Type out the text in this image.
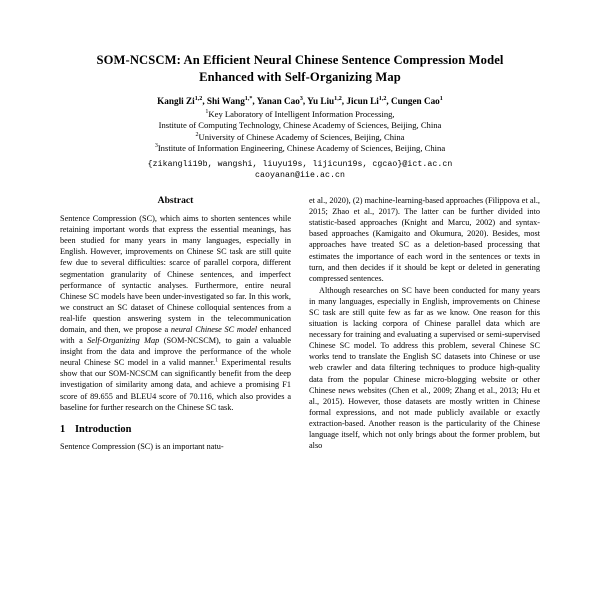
SOM-NCSCM: An Efficient Neural Chinese Sentence Compression Model
Enhanced with Self-Organizing Map
Kangli Zi$^{1,2}$, Shi Wang$^{1,*}$, Yanan Cao$^3$, Yu Liu$^{1,2}$, Jicun Li$^{1,2}$, Cungen Cao$^1$
$^1$Key Laboratory of Intelligent Information Processing,
Institute of Computing Technology, Chinese Academy of Sciences, Beijing, China
$^2$University of Chinese Academy of Sciences, Beijing, China
$^3$Institute of Information Engineering, Chinese Academy of Sciences, Beijing, China
{zikangli19b, wangshi, liuyu19s, lijicun19s, cgcao}@ict.ac.cn
caoyanan@iie.ac.cn
Abstract

Sentence Compression (SC), which aims to shorten sentences while retaining important words that express the essential meanings, has been studied for many years in many languages, especially in English. However, improvements on Chinese SC task are still quite few due to several difficulties: scarce of parallel corpora, different segmentation granularity of Chinese sentences, and imperfect performance of syntactic analyses. Furthermore, entire neural Chinese SC models have been under-investigated so far. In this work, we construct an SC dataset of Chinese colloquial sentences from a real-life question answering system in the telecommunication domain, and then, we propose a neural Chinese SC model enhanced with a Self-Organizing Map (SOM-NCSCM), to gain a valuable insight from the data and improve the performance of the whole neural Chinese SC model in a valid manner.$^1$ Experimental results show that our SOM-NCSCM can significantly benefit from the deep investigation of similarity among data, and achieve a promising F1 score of 89.655 and BLEU4 score of 70.116, which also provides a baseline for further research on the Chinese SC task.

1 Introduction

Sentence Compression (SC) is an important natu-

et al., 2020), (2) machine-learning-based approaches (Filippova et al., 2015; Zhao et al., 2017). The latter can be further divided into statistic-based approaches (Knight and Marcu, 2002) and syntax-based approaches (Kamigaito and Okumura, 2020). Besides, most approaches have treated SC as a deletion-based processing that estimates the importance of each word in the sentences or texts in turn, and then decides if it should be kept or deleted in generating compressed sentences.

Although researches on SC have been conducted for many years in many languages, especially in English, improvements on Chinese SC task are still quite few as far as we know. One reason for this situation is lacking corpora of Chinese parallel data which are necessary for training and evaluating a supervised or semi-supervised Chinese SC model. To address this problem, several Chinese SC works tend to translate the English SC datasets into Chinese or use web crawler and data filtering techniques to produce high-quality data from the popular Chinese micro-blogging website or other Chinese news websites (Chen et al., 2009; Zhang et al., 2013; Hu et al., 2015). However, those datasets are mostly written in Chinese formal expressions, and not made publicly available or exactly extraction-based. Another reason is the particularity of the Chinese language itself, which not only brings about the former problem, but also
